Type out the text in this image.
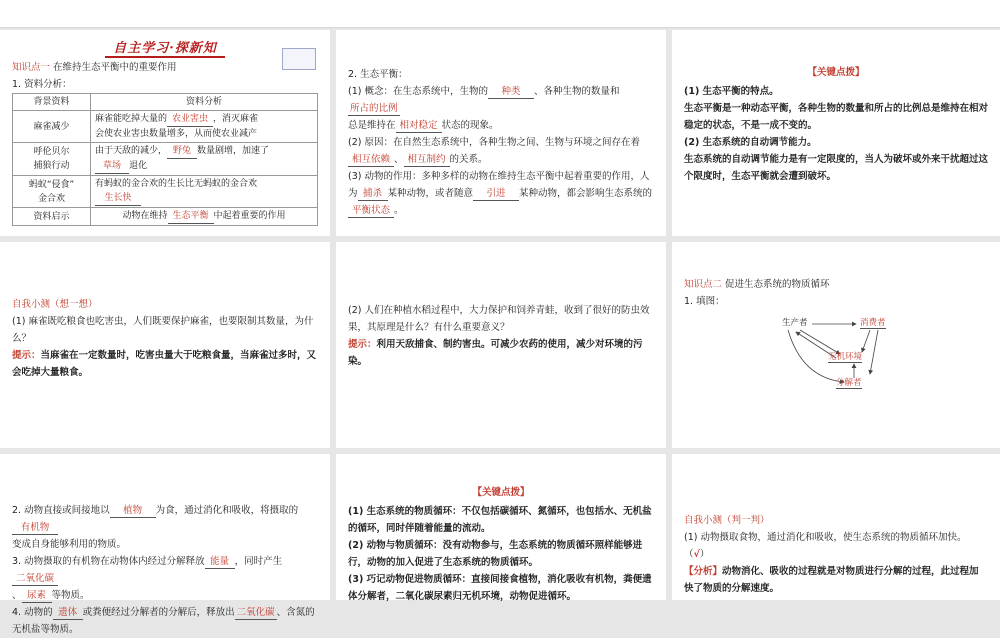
自主学习·探新知
知识点一 在维持生态平衡中的重要作用
1. 资料分析：
背景资料	资料分析
麻雀减少	麻雀能吃掉大量的 农业害虫 ，消灭麻雀
会使农业害虫数量增多，从而使农业减产
呼伦贝尔
捕狼行动	由于天敌的减少， 野兔 数量剧增，加速了
草场 退化
蚂蚁“侵食”
金合欢	有蚂蚁的金合欢的生长比无蚂蚁的金合欢
生长快
资料启示	动物在维持 生态平衡 中起着重要的作用
2. 生态平衡：
(1) 概念：在生态系统中，生物的 种类 、各种生物的数量和所占的比例
总是维持在 相对稳定 状态的现象。
(2) 原因：在自然生态系统中，各种生物之间、生物与环境之间存在着
相互依赖 、 相互制约 的关系。
(3) 动物的作用：多种多样的动物在维持生态平衡中起着重要的作用，人为 捕杀 某种动物，或者随意 引进 某种动物，都会影响生态系统的
平衡状态 。
【关键点拨】
(1) 生态平衡的特点。
生态平衡是一种动态平衡，各种生物的数量和所占的比例总是维持在相对稳定的状态，不是一成不变的。
(2) 生态系统的自动调节能力。
生态系统的自动调节能力是有一定限度的，当人为破坏或外来干扰超过这个限度时，生态平衡就会遭到破坏。
自我小测（想一想）
(1) 麻雀既吃粮食也吃害虫，人们既要保护麻雀，也要限制其数量，为什么？
提示：当麻雀在一定数量时，吃害虫量大于吃粮食量，当麻雀过多时，又会吃掉大量粮食。
(2) 人们在种植水稻过程中，大力保护和饲养青蛙，收到了很好的防虫效果，其原理是什么？有什么重要意义？
提示：利用天敌捕食、制约害虫。可减少农药的使用，减少对环境的污染。
知识点二 促进生态系统的物质循环
1. 填图：
生产者	消费者
无机环境
分解者
2. 动物直接或间接地以 植物 为食，通过消化和吸收，将摄取的有机物
变成自身能够利用的物质。
3. 动物摄取的有机物在动物体内经过分解释放 能量 ，同时产生二氧化碳
、 尿素 等物质。
4. 动物的 遗体 或粪便经过分解者的分解后，释放出 二氧化碳 、含氮的无机盐等物质。
【关键点拨】
(1) 生态系统的物质循环：不仅包括碳循环、氮循环，也包括水、无机盐的循环，同时伴随着能量的流动。
(2) 动物与物质循环：没有动物参与，生态系统的物质循环照样能够进行，动物的加入促进了生态系统的物质循环。
(3) 巧记动物促进物质循环：直接间接食植物，消化吸收有机物，粪便遗体分解者，二氧化碳尿素归无机环境，动物促进循环。
自我小测（判一判）
(1) 动物摄取食物，通过消化和吸收，使生态系统的物质循环加快。 （√）
【分析】动物消化、吸收的过程就是对物质进行分解的过程，此过程加快了物质的分解速度。
